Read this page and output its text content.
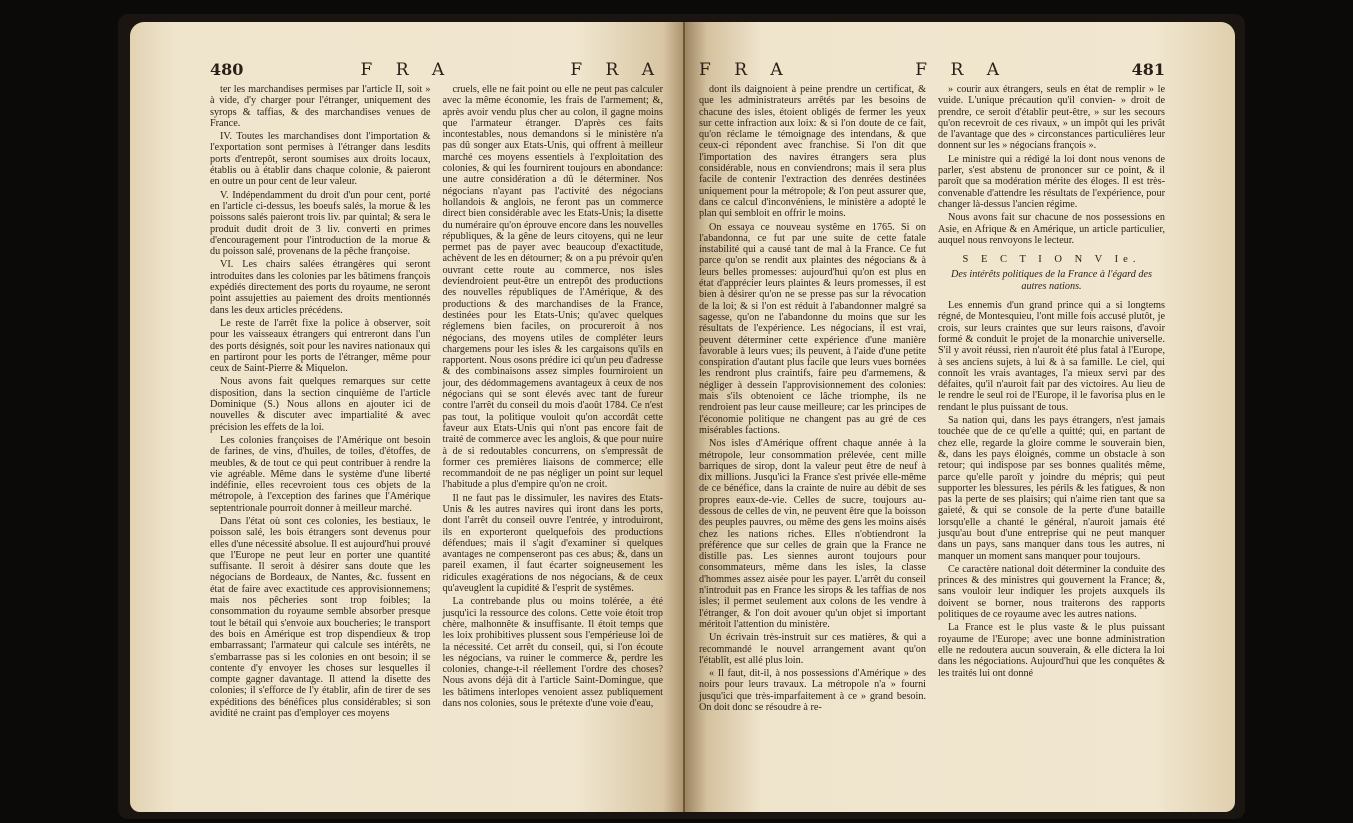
480	F R A	F R A

ter les marchandises permises par l'article II, soit » à vide, d'y charger pour l'étranger, uniquement des syrops & taffias, & des marchandises venues de France.

IV. Toutes les marchandises dont l'importation & l'exportation sont permises à l'étranger dans lesdits ports d'entrepôt, seront soumises aux droits locaux, établis ou à établir dans chaque colonie, & paieront en outre un pour cent de leur valeur.

V. Indépendamment du droit d'un pour cent, porté en l'article ci-dessus, les boeufs salés, la morue & les poissons salés paieront trois liv. par quintal; & sera le produit dudit droit de 3 liv. converti en primes d'encouragement pour l'introduction de la morue & du poisson salé, provenans de la pêche françoise.

VI. Les chairs salées étrangères qui seront introduites dans les colonies par les bâtimens françois expédiés directement des ports du royaume, ne seront point assujetties au paiement des droits mentionnés dans les deux articles précédens.

Le reste de l'arrêt fixe la police à observer, soit pour les vaisseaux étrangers qui entreront dans l'un des ports désignés, soit pour les navires nationaux qui en partiront pour les ports de l'étranger, même pour ceux de Saint-Pierre & Miquelon.

Nous avons fait quelques remarques sur cette disposition, dans la section cinquième de l'article Dominique (S.) Nous allons en ajouter ici de nouvelles & discuter avec impartialité & avec précision les effets de la loi.

Les colonies françoises de l'Amérique ont besoin de farines, de vins, d'huiles, de toiles, d'étoffes, de meubles, & de tout ce qui peut contribuer à rendre la vie agréable. Même dans le système d'une liberté indéfinie, elles recevroient tous ces objets de la métropole, à l'exception des farines que l'Amérique septentrionale pourroit donner à meilleur marché.

Dans l'état où sont ces colonies, les bestiaux, le poisson salé, les bois étrangers sont devenus pour elles d'une nécessité absolue. Il est aujourd'hui prouvé que l'Europe ne peut leur en porter une quantité suffisante. Il seroit à désirer sans doute que les négocians de Bordeaux, de Nantes, &c. fussent en état de faire avec exactitude ces approvisionnemens; mais nos pêcheries sont trop foibles; la consommation du royaume semble absorber presque tout le bétail qui s'envoie aux boucheries; le transport des bois en Amérique est trop dispendieux & trop embarrassant; l'armateur qui calcule ses intérêts, ne s'embarrasse pas si les colonies en ont besoin; il se contente d'y envoyer les choses sur lesquelles il compte gagner davantage. Il attend la disette des colonies; il s'efforce de l'y établir, afin de tirer de ses expéditions des bénéfices plus considérables; si son avidité ne craint pas d'employer ces moyens

cruels, elle ne fait point ou elle ne peut pas calculer avec la même économie, les frais de l'armement; &, après avoir vendu plus cher au colon, il gagne moins que l'armateur étranger. D'après ces faits incontestables, nous demandons si le ministère n'a pas dû songer aux Etats-Unis, qui offrent à meilleur marché ces moyens essentiels à l'exploitation des colonies, & qui les fournirent toujours en abondance: une autre considération a dû le déterminer. Nos négocians n'ayant pas l'activité des négocians hollandois & anglois, ne feront pas un commerce direct bien considérable avec les Etats-Unis; la disette du numéraire qu'on éprouve encore dans les nouvelles républiques, & la gêne de leurs citoyens, qui ne leur permet pas de payer avec beaucoup d'exactitude, achèvent de les en détourner; & on a pu prévoir qu'en ouvrant cette route au commerce, nos isles deviendroient peut-être un entrepôt des productions des nouvelles républiques de l'Amérique, & des productions & des marchandises de la France, destinées pour les Etats-Unis; qu'avec quelques réglemens bien faciles, on procureroit à nos négocians, des moyens utiles de compléter leurs chargemens pour les isles & les cargaisons qu'ils en rapportent. Nous osons prédire ici qu'un peu d'adresse & des combinaisons assez simples fourniroient un jour, des dédommagemens avantageux à ceux de nos négocians qui se sont élevés avec tant de fureur contre l'arrêt du conseil du mois d'août 1784. Ce n'est pas tout, la politique vouloit qu'on accordât cette faveur aux Etats-Unis qui n'ont pas encore fait de traité de commerce avec les anglois, & que pour nuire à de si redoutables concurrens, on s'empressât de former ces premières liaisons de commerce; elle recommandoit de ne pas négliger un point sur lequel l'habitude a plus d'empire qu'on ne croit.

Il ne faut pas le dissimuler, les navires des Etats-Unis & les autres navires qui iront dans les ports, dont l'arrêt du conseil ouvre l'entrée, y introduiront, ils en exporteront quelquefois des productions défendues; mais il s'agit d'examiner si quelques avantages ne compenseront pas ces abus; &, dans un pareil examen, il faut écarter soigneusement les ridicules exagérations de nos négocians, & de ceux qu'aveuglent la cupidité & l'esprit de systêmes.

La contrebande plus ou moins tolérée, a été jusqu'ici la ressource des colons. Cette voie étoit trop chère, malhonnête & insuffisante. Il étoit temps que les loix prohibitives plussent sous l'empérieuse loi de la nécessité. Cet arrêt du conseil, qui, si l'on écoute les négocians, va ruiner le commerce &, perdre les colonies, change-t-il réellement l'ordre des choses? Nous avons déjà dit à l'article Saint-Domingue, que les bâtimens interlopes venoient assez publiquement dans nos colonies, sous le prétexte d'une voie d'eau,

F R A	F R A	481

dont ils daignoient à peine prendre un certificat, & que les administrateurs arrêtés par les besoins de chacune des isles, étoient obligés de fermer les yeux sur cette infraction aux loix: & si l'on doute de ce fait, qu'on réclame le témoignage des intendans, & que ceux-ci répondent avec franchise. Si l'on dit que l'importation des navires étrangers sera plus considérable, nous en conviendrons; mais il sera plus facile de contenir l'extraction des denrées destinées uniquement pour la métropole; & l'on peut assurer que, dans ce calcul d'inconvéniens, le ministère a adopté le plan qui sembloit en offrir le moins.

On essaya ce nouveau systême en 1765. Si on l'abandonna, ce fut par une suite de cette fatale instabilité qui a causé tant de mal à la France. Ce fut parce qu'on se rendit aux plaintes des négocians & à leurs belles promesses: aujourd'hui qu'on est plus en état d'apprécier leurs plaintes & leurs promesses, il est bien à désirer qu'on ne se presse pas sur la révocation de la loi; & si l'on est réduit à l'abandonner malgré sa sagesse, qu'on ne l'abandonne du moins que sur les résultats de l'expérience. Les négocians, il est vrai, peuvent déterminer cette expérience d'une manière favorable à leurs vues; ils peuvent, à l'aide d'une petite conspiration d'autant plus facile que leurs vues bornées les rendront plus craintifs, faire peu d'armemens, & négliger à dessein l'approvisionnement des colonies: mais s'ils obtenoient ce lâche triomphe, ils ne rendroient pas leur cause meilleure; car les principes de l'économie politique ne changent pas au gré de ces misérables factions.

Nos isles d'Amérique offrent chaque année à la métropole, leur consommation prélevée, cent mille barriques de sirop, dont la valeur peut être de neuf à dix millions. Jusqu'ici la France s'est privée elle-même de ce bénéfice, dans la crainte de nuire au débit de ses propres eaux-de-vie. Celles de sucre, toujours au-dessous de celles de vin, ne peuvent être que la boisson des peuples pauvres, ou même des gens les moins aisés chez les nations riches. Elles n'obtiendront la préférence que sur celles de grain que la France ne distille pas. Les siennes auront toujours pour consommateurs, même dans les isles, la classe d'hommes assez aisée pour les payer. L'arrêt du conseil n'introduit pas en France les sirops & les taffias de nos isles; il permet seulement aux colons de les vendre à l'étranger, & l'on doit avouer qu'un objet si important méritoit l'attention du ministère.

Un écrivain très-instruit sur ces matières, & qui a recommandé le nouvel arrangement avant qu'on l'établît, est allé plus loin.

« Il faut, dit-il, à nos possessions d'Amérique » des noirs pour leurs travaux. La métropole n'a » fourni jusqu'ici que très-imparfaitement à ce » grand besoin. On doit donc se résoudre à re-

» courir aux étrangers, seuls en état de remplir » le vuide. L'unique précaution qu'il convien- » droit de prendre, ce seroit d'établir peut-être, » sur les secours qu'on recevroit de ces rivaux, » un impôt qui les privât de l'avantage que des » circonstances particulières leur donnent sur les » négocians françois ».

Le ministre qui a rédigé la loi dont nous venons de parler, s'est abstenu de prononcer sur ce point, & il paroît que sa modération mérite des éloges. Il est très-convenable d'attendre les résultats de l'expérience, pour changer là-dessus l'ancien régime.

Nous avons fait sur chacune de nos possessions en Asie, en Afrique & en Amérique, un article particulier, auquel nous renvoyons le lecteur.

S E C T I O N V Ie.
Des intérêts politiques de la France à l'égard des autres nations.

Les ennemis d'un grand prince qui a si longtems régné, de Montesquieu, l'ont mille fois accusé plutôt, je crois, sur leurs craintes que sur leurs raisons, d'avoir formé & conduit le projet de la monarchie universelle. S'il y avoit réussi, rien n'auroit été plus fatal à l'Europe, à ses anciens sujets, à lui & à sa famille. Le ciel, qui connoît les vrais avantages, l'a mieux servi par des défaites, qu'il n'auroit fait par des victoires. Au lieu de le rendre le seul roi de l'Europe, il le favorisa plus en le rendant le plus puissant de tous.

Sa nation qui, dans les pays étrangers, n'est jamais touchée que de ce qu'elle a quitté; qui, en partant de chez elle, regarde la gloire comme le souverain bien, &, dans les pays éloignés, comme un obstacle à son retour; qui indispose par ses bonnes qualités même, parce qu'elle paroît y joindre du mépris; qui peut supporter les blessures, les périls & les fatigues, & non pas la perte de ses plaisirs; qui n'aime rien tant que sa gaieté, & qui se console de la perte d'une bataille lorsqu'elle a chanté le général, n'auroit jamais été jusqu'au bout d'une entreprise qui ne peut manquer dans un pays, sans manquer dans tous les autres, ni manquer un moment sans manquer pour toujours.

Ce caractère national doit déterminer la conduite des princes & des ministres qui gouvernent la France; &, sans vouloir leur indiquer les projets auxquels ils doivent se borner, nous traiterons des rapports politiques de ce royaume avec les autres nations.

La France est le plus vaste & le plus puissant royaume de l'Europe; avec une bonne administration elle ne redoutera aucun souverain, & elle dictera la loi dans les négociations. Aujourd'hui que les conquêtes & les traités lui ont donné
